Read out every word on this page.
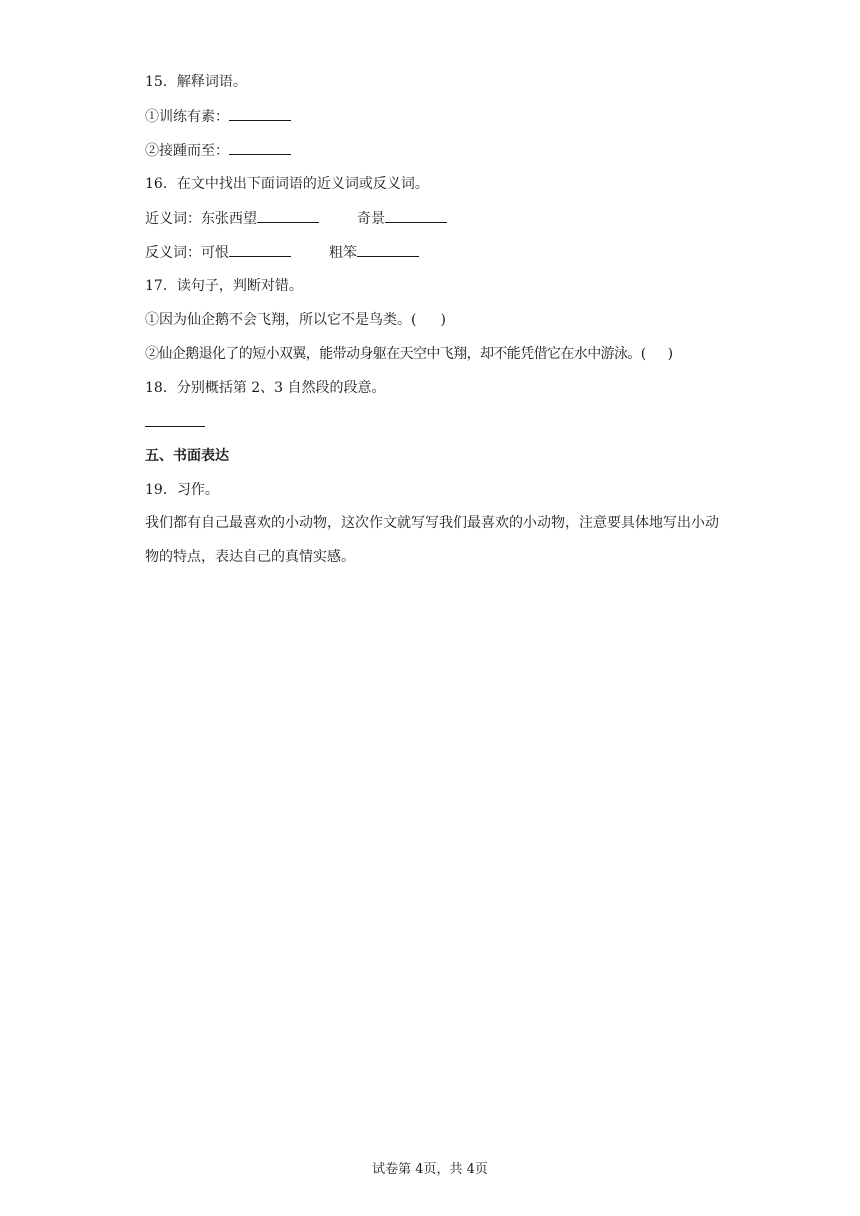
15．解释词语。
①训练有素：
②接踵而至：
16．在文中找出下面词语的近义词或反义词。
近义词：东张西望	奇景
反义词：可恨	粗笨
17．读句子，判断对错。
①因为仙企鹅不会飞翔，所以它不是鸟类。( )
②仙企鹅退化了的短小双翼，能带动身躯在天空中飞翔，却不能凭借它在水中游泳。( )
18．分别概括第 2、3 自然段的段意。
五、书面表达
19．习作。
我们都有自己最喜欢的小动物，这次作文就写写我们最喜欢的小动物，注意要具体地写出小动物的特点，表达自己的真情实感。
试卷第 4页，共 4页
